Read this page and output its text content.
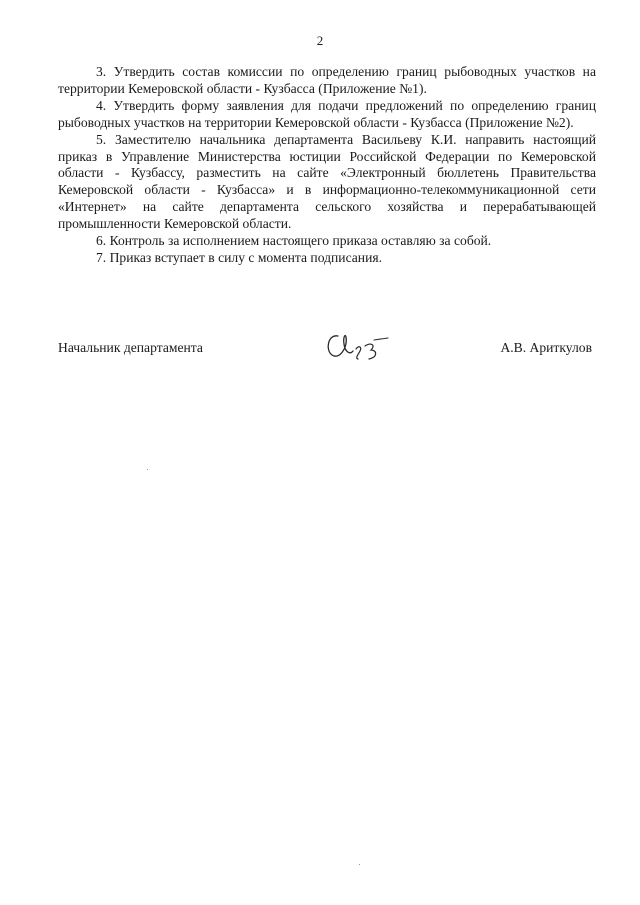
2

3. Утвердить состав комиссии по определению границ рыбоводных участков на территории Кемеровской области - Кузбасса (Приложение №1).

4. Утвердить форму заявления для подачи предложений по определению границ рыбоводных участков на территории Кемеровской области - Кузбасса (Приложение №2).

5. Заместителю начальника департамента Васильеву К.И. направить настоящий приказ в Управление Министерства юстиции Российской Федерации по Кемеровской области - Кузбассу, разместить на сайте «Электронный бюллетень Правительства Кемеровской области - Кузбасса» и в информационно-телекоммуникационной сети «Интернет» на сайте департамента сельского хозяйства и перерабатывающей промышленности Кемеровской области.

6. Контроль за исполнением настоящего приказа оставляю за собой.

7. Приказ вступает в силу с момента подписания.

Начальник департамента	А.В. Ариткулов
